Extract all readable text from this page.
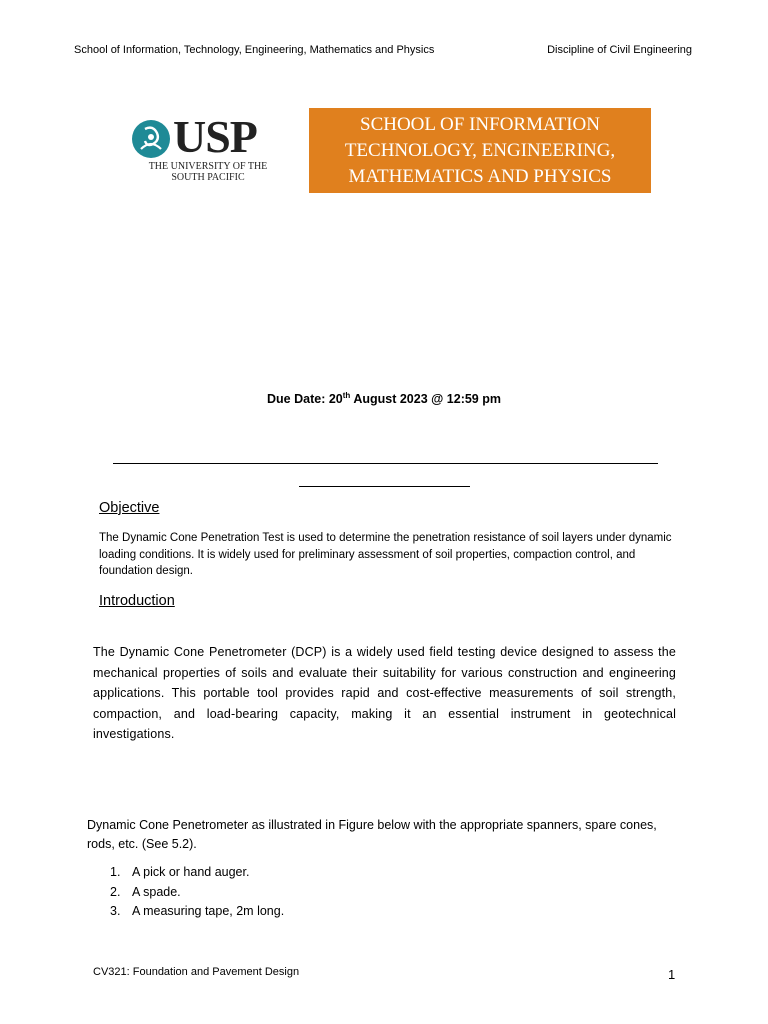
School of Information, Technology, Engineering, Mathematics and Physics	Discipline of Civil Engineering
USP
THE UNIVERSITY OF THE
SOUTH PACIFIC
SCHOOL OF INFORMATION
TECHNOLOGY, ENGINEERING,
MATHEMATICS AND PHYSICS
Due Date: 20th August 2023 @ 12:59 pm
Objective
The Dynamic Cone Penetration Test is used to determine the penetration resistance of soil layers under dynamic loading conditions. It is widely used for preliminary assessment of soil properties, compaction control, and foundation design.
Introduction
The Dynamic Cone Penetrometer (DCP) is a widely used field testing device designed to assess the mechanical properties of soils and evaluate their suitability for various construction and engineering applications. This portable tool provides rapid and cost-effective measurements of soil strength, compaction, and load-bearing capacity, making it an essential instrument in geotechnical investigations.
Dynamic Cone Penetrometer as illustrated in Figure below with the appropriate spanners, spare cones, rods, etc. (See 5.2).
1. A pick or hand auger.
2. A spade.
3. A measuring tape, 2m long.
CV321: Foundation and Pavement Design	1
